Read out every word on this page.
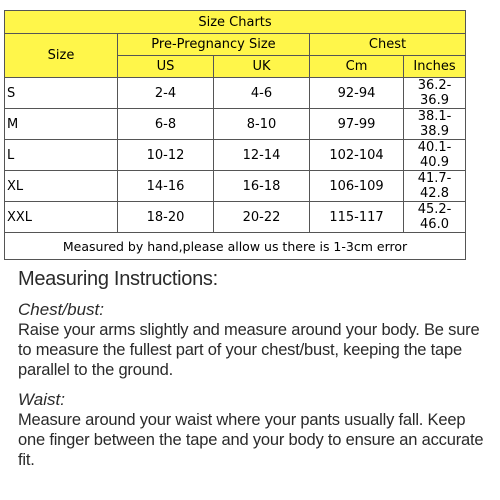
Size Charts				
Size	Pre-Pregnancy Size		Chest	
	US	UK	Cm	Inches
S	2-4	4-6	92-94	36.2-36.9
M	6-8	8-10	97-99	38.1-38.9
L	10-12	12-14	102-104	40.1-40.9
XL	14-16	16-18	106-109	41.7-42.8
XXL	18-20	20-22	115-117	45.2-46.0
Measured by hand,please allow us there is 1-3cm error				

Measuring Instructions:

Chest/bust:

Raise your arms slightly and measure around your body. Be sure to measure the fullest part of your chest/bust, keeping the tape parallel to the ground.

Waist:

Measure around your waist where your pants usually fall. Keep one finger between the tape and your body to ensure an accurate fit.
